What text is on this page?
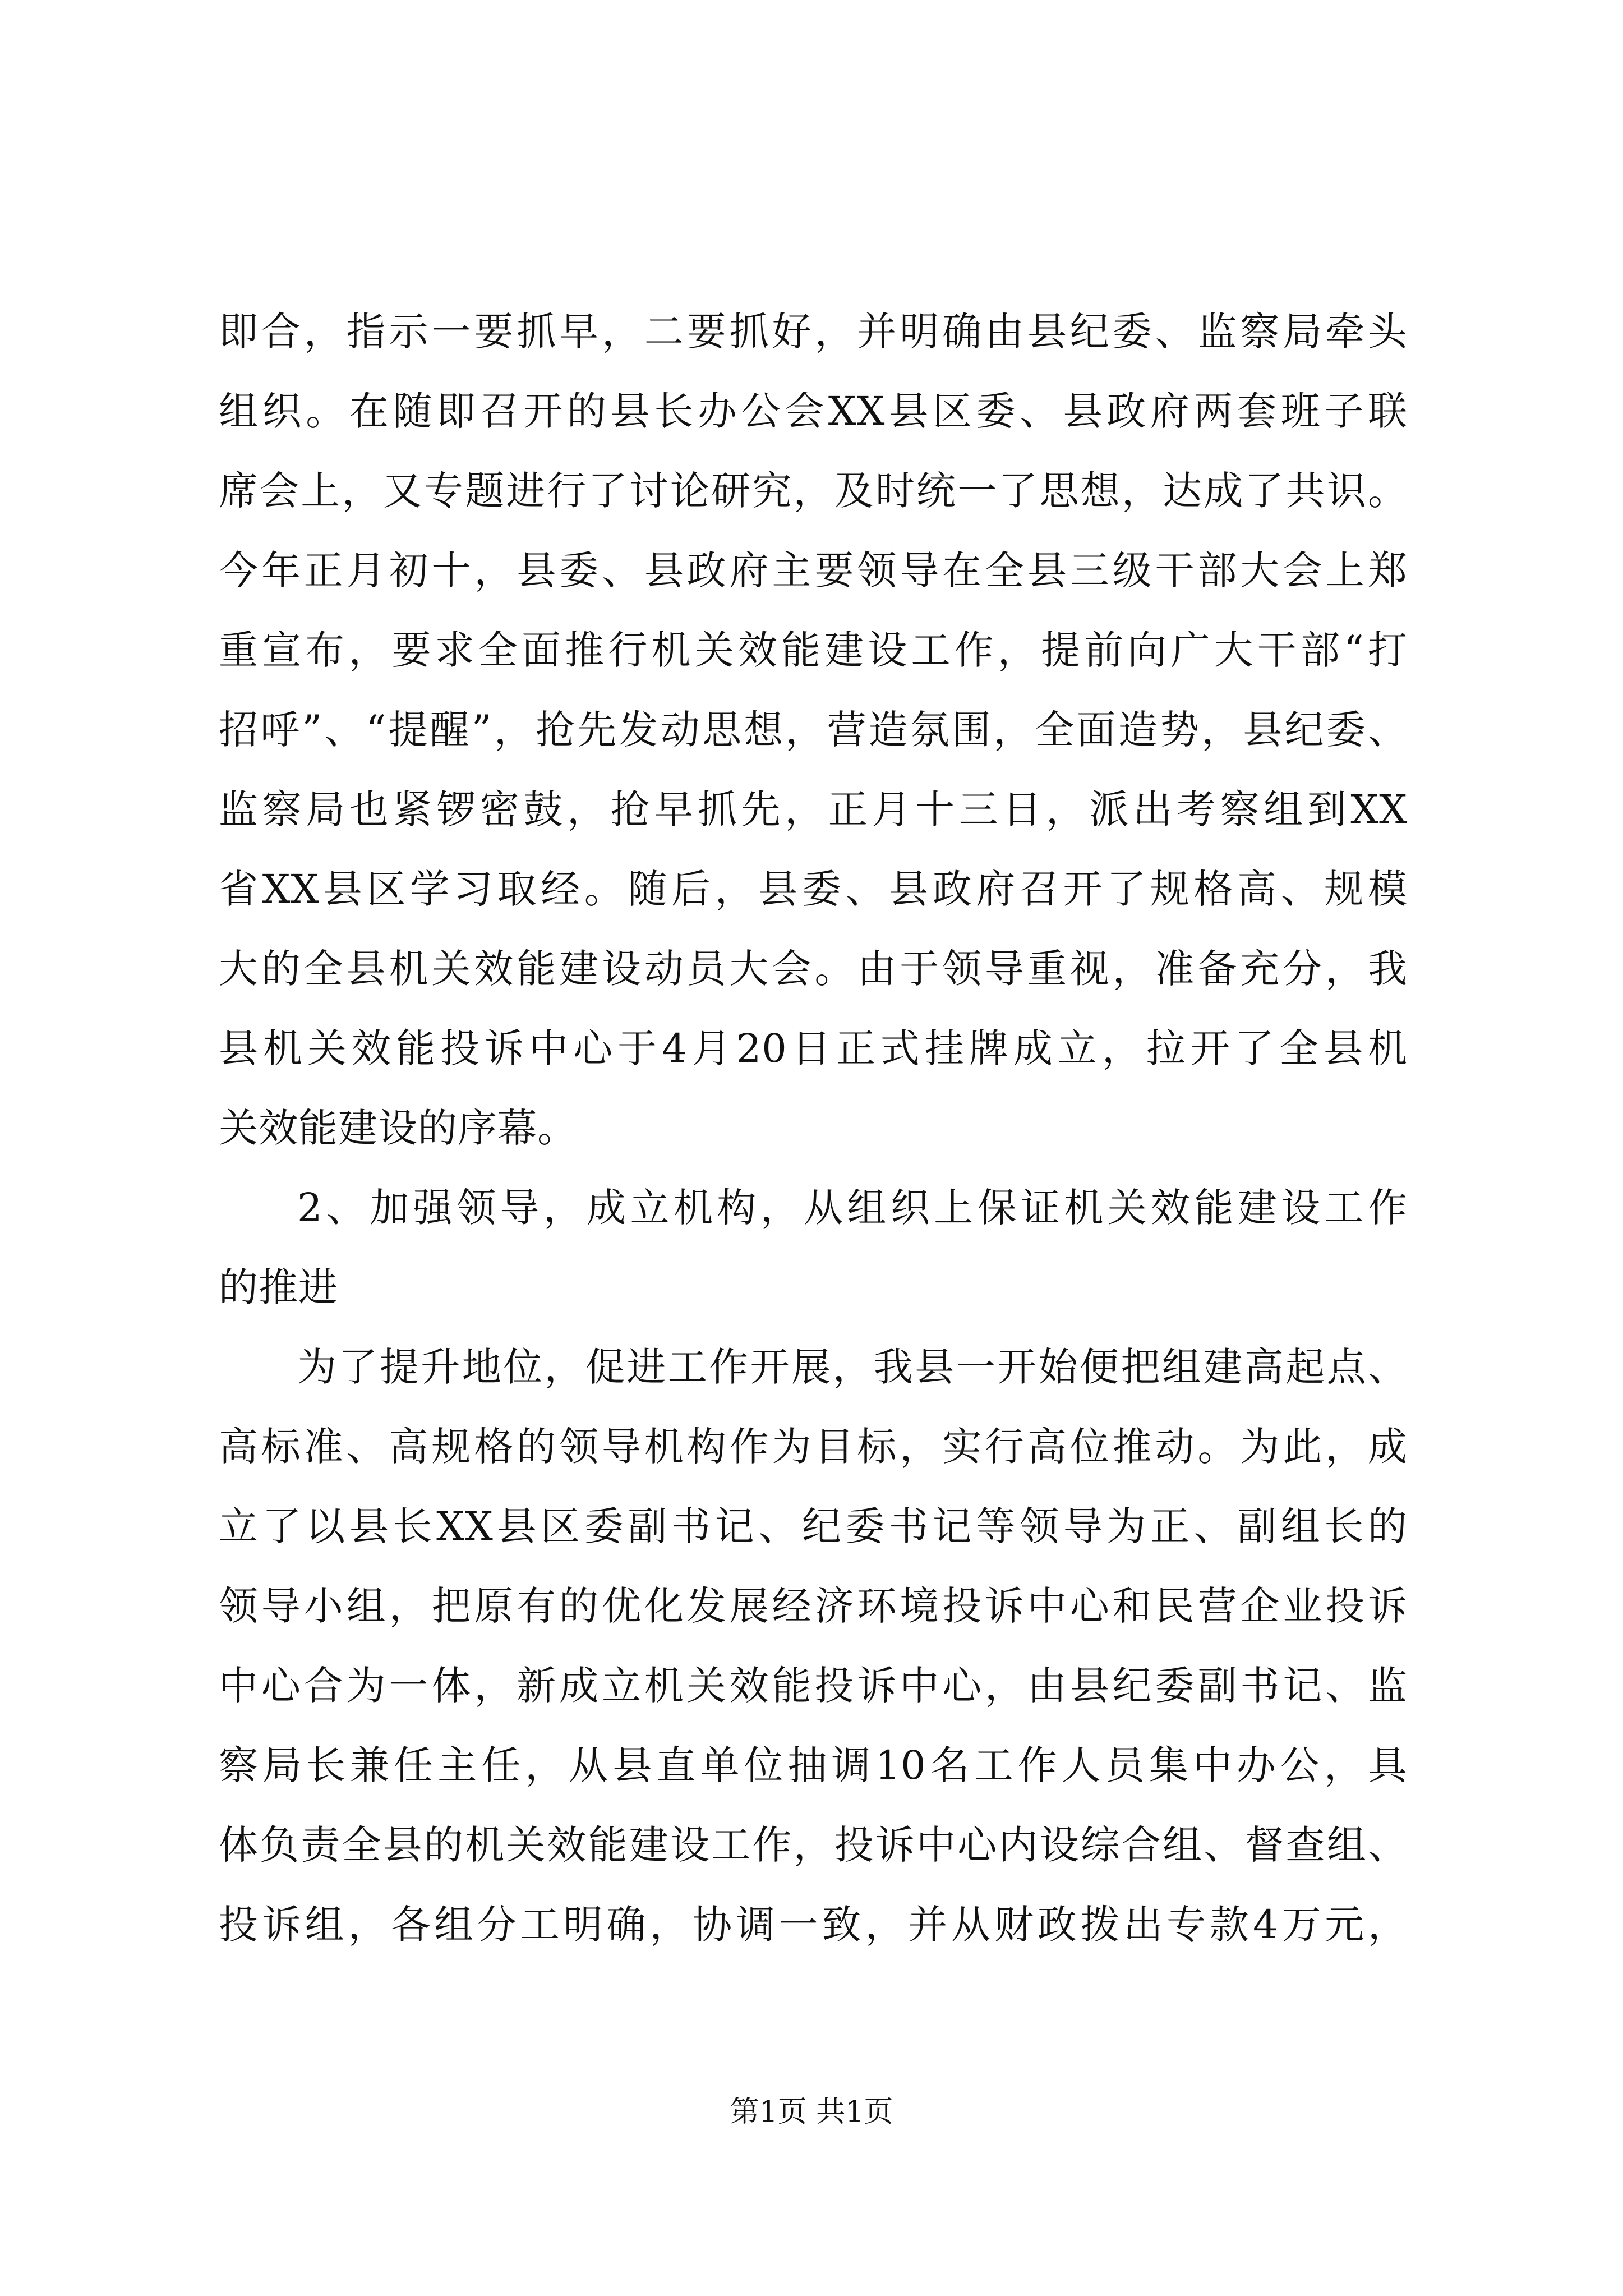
即合，指示一要抓早，二要抓好，并明确由县纪委、监察局牵头
组织。在随即召开的县长办公会XX县区委、县政府两套班子联
席会上，又专题进行了讨论研究，及时统一了思想，达成了共识。
今年正月初十，县委、县政府主要领导在全县三级干部大会上郑
重宣布，要求全面推行机关效能建设工作，提前向广大干部“打
招呼”、“提醒”，抢先发动思想，营造氛围，全面造势，县纪委、
监察局也紧锣密鼓，抢早抓先，正月十三日，派出考察组到XX
省XX县区学习取经。随后，县委、县政府召开了规格高、规模
大的全县机关效能建设动员大会。由于领导重视，准备充分，我
县机关效能投诉中心于4月20日正式挂牌成立，拉开了全县机
关效能建设的序幕。
2、加强领导，成立机构，从组织上保证机关效能建设工作
的推进
为了提升地位，促进工作开展，我县一开始便把组建高起点、
高标准、高规格的领导机构作为目标，实行高位推动。为此，成
立了以县长XX县区委副书记、纪委书记等领导为正、副组长的
领导小组，把原有的优化发展经济环境投诉中心和民营企业投诉
中心合为一体，新成立机关效能投诉中心，由县纪委副书记、监
察局长兼任主任，从县直单位抽调10名工作人员集中办公，具
体负责全县的机关效能建设工作，投诉中心内设综合组、督查组、
投诉组，各组分工明确，协调一致，并从财政拨出专款4万元，
第1页 共1页
